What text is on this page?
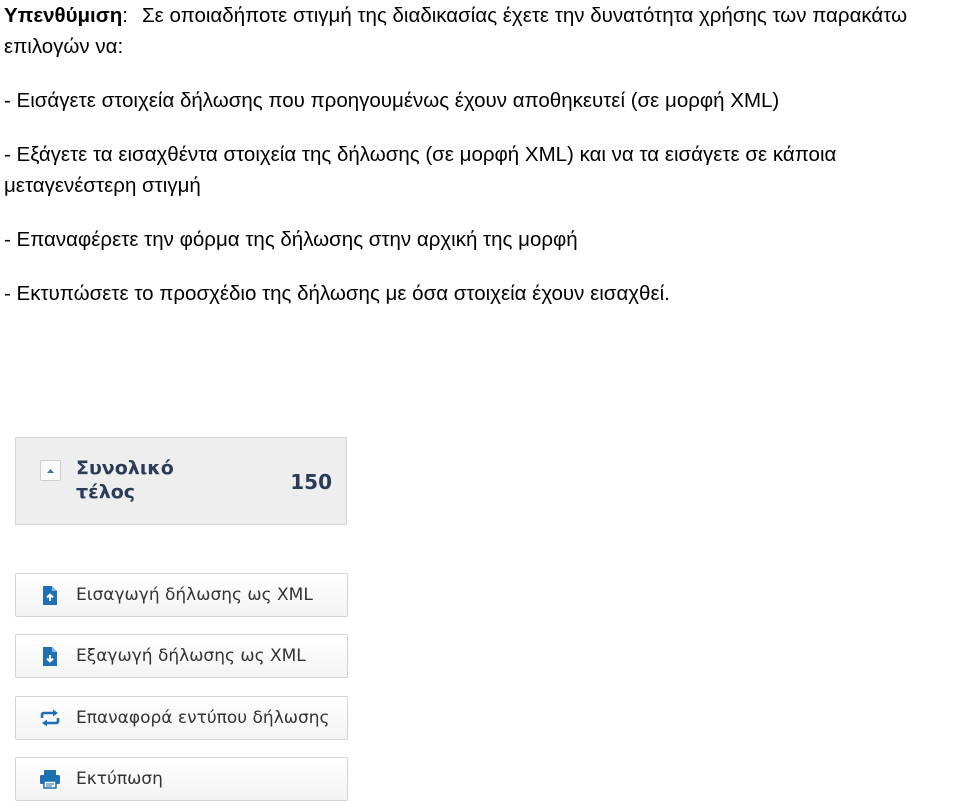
Υπενθύμιση: Σε οποιαδήποτε στιγμή της διαδικασίας έχετε την δυνατότητα χρήσης των παρακάτω επιλογών να:

- Εισάγετε στοιχεία δήλωσης που προηγουμένως έχουν αποθηκευτεί (σε μορφή XML)

- Εξάγετε τα εισαχθέντα στοιχεία της δήλωσης (σε μορφή XML) και να τα εισάγετε σε κάποια μεταγενέστερη στιγμή

- Επαναφέρετε την φόρμα της δήλωσης στην αρχική της μορφή

- Εκτυπώσετε το προσχέδιο της δήλωσης με όσα στοιχεία έχουν εισαχθεί.

Συνολικό τέλος	150
Εισαγωγή δήλωσης ως XML
Εξαγωγή δήλωσης ως XML
Επαναφορά εντύπου δήλωσης
Εκτύπωση
